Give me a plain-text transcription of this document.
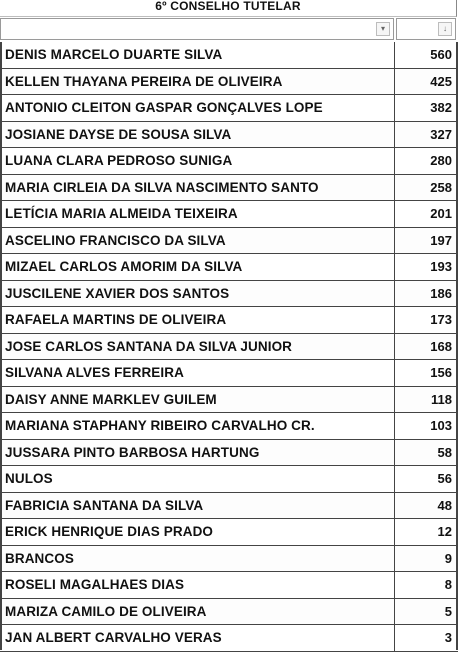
6º CONSELHO TUTELAR
▾	↓
DENIS MARCELO DUARTE SILVA	560
KELLEN THAYANA PEREIRA DE OLIVEIRA	425
ANTONIO CLEITON GASPAR GONÇALVES LOPE	382
JOSIANE DAYSE DE SOUSA SILVA	327
LUANA CLARA PEDROSO SUNIGA	280
MARIA CIRLEIA DA SILVA NASCIMENTO SANTO	258
LETÍCIA MARIA ALMEIDA TEIXEIRA	201
ASCELINO FRANCISCO DA SILVA	197
MIZAEL CARLOS AMORIM DA SILVA	193
JUSCILENE XAVIER DOS SANTOS	186
RAFAELA MARTINS DE OLIVEIRA	173
JOSE CARLOS SANTANA DA SILVA JUNIOR	168
SILVANA ALVES FERREIRA	156
DAISY ANNE MARKLEV GUILEM	118
MARIANA STAPHANY RIBEIRO CARVALHO CR.	103
JUSSARA PINTO BARBOSA HARTUNG	58
NULOS	56
FABRICIA SANTANA DA SILVA	48
ERICK HENRIQUE DIAS PRADO	12
BRANCOS	9
ROSELI MAGALHAES DIAS	8
MARIZA CAMILO DE OLIVEIRA	5
JAN ALBERT CARVALHO VERAS	3
